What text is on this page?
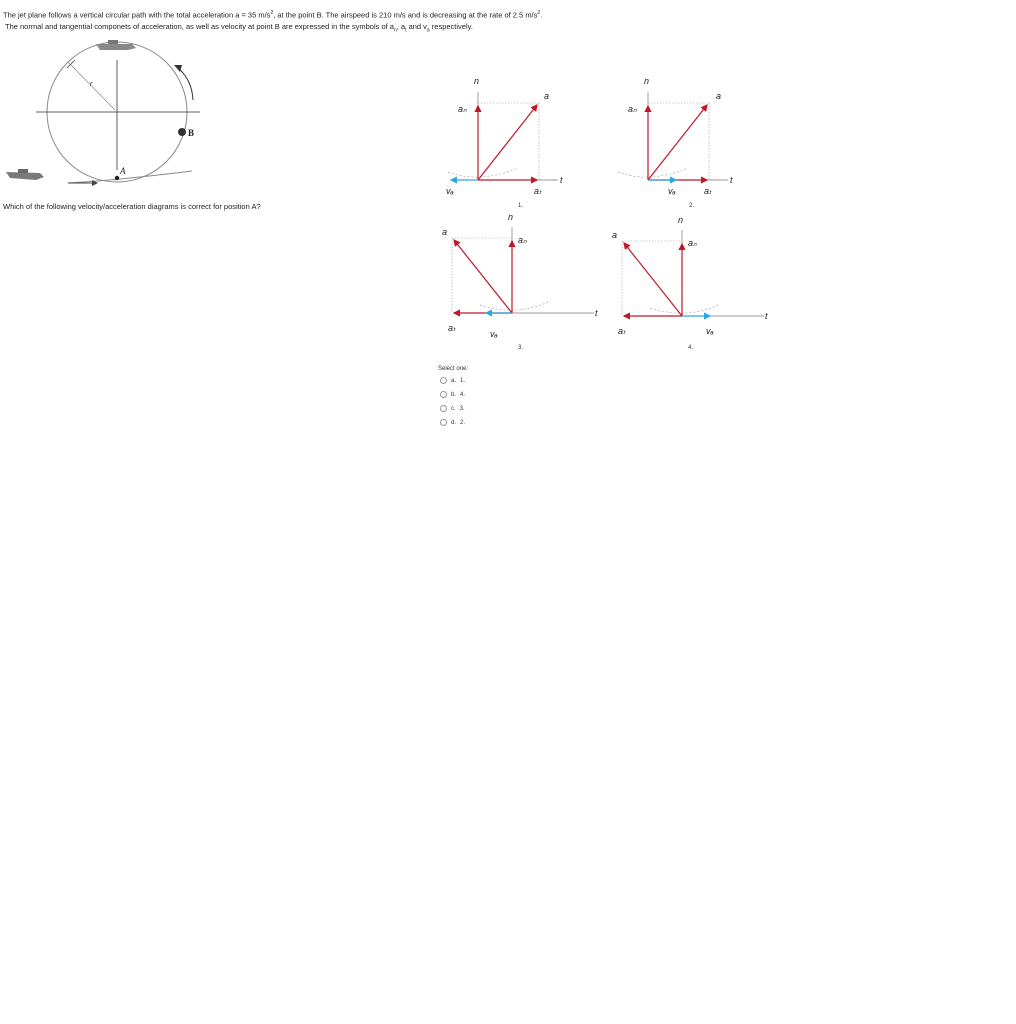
The jet plane follows a vertical circular path with the total acceleration a = 35 $m/s^2$, at the point B. The airspeed is 210 m/s and is decreasing at the rate of 2.5 $m/s^2$.
The normal and tangential componets of acceleration, as well as velocity at point B are expressed in the symbols of $a_n$, $a_t$ and $v_a$ respectively.
r
B
A
Which of the following velocity/acceleration diagrams is correct for position A?
n
a
aₙ
t
aₜ
vₐ
1.
n
a
aₙ
t
aₜ
vₐ
2.
n
a
aₙ
t
aₜ
vₐ
3.
n
a
aₙ
t
aₜ	vₐ
4.
Select one:
a. 1.
b. 4.
c. 3.
d. 2.
